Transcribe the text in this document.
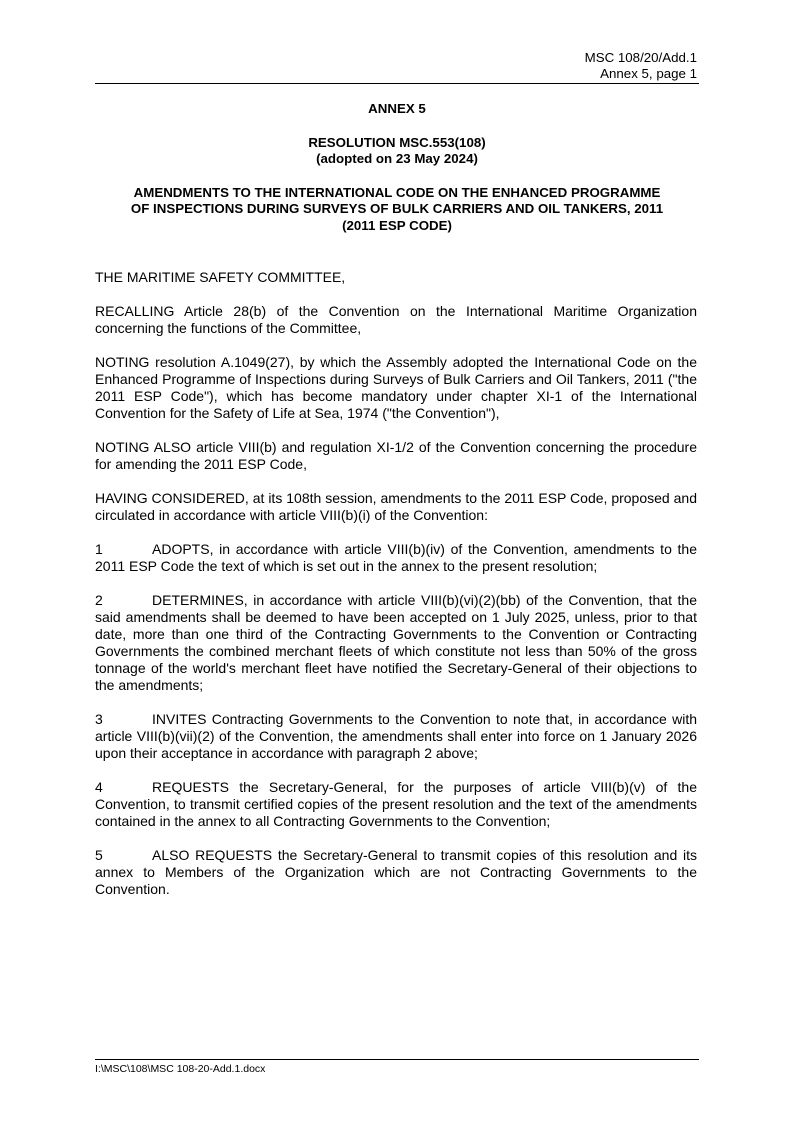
MSC 108/20/Add.1
Annex 5, page 1
ANNEX 5
RESOLUTION MSC.553(108)
(adopted on 23 May 2024)
AMENDMENTS TO THE INTERNATIONAL CODE ON THE ENHANCED PROGRAMME
OF INSPECTIONS DURING SURVEYS OF BULK CARRIERS AND OIL TANKERS, 2011
(2011 ESP CODE)

THE MARITIME SAFETY COMMITTEE,

RECALLING Article 28(b) of the Convention on the International Maritime Organization concerning the functions of the Committee,

NOTING resolution A.1049(27), by which the Assembly adopted the International Code on the Enhanced Programme of Inspections during Surveys of Bulk Carriers and Oil Tankers, 2011 ("the 2011 ESP Code"), which has become mandatory under chapter XI-1 of the International Convention for the Safety of Life at Sea, 1974 ("the Convention"),

NOTING ALSO article VIII(b) and regulation XI-1/2 of the Convention concerning the procedure for amending the 2011 ESP Code,

HAVING CONSIDERED, at its 108th session, amendments to the 2011 ESP Code, proposed and circulated in accordance with article VIII(b)(i) of the Convention:

1	ADOPTS, in accordance with article VIII(b)(iv) of the Convention, amendments to the 2011 ESP Code the text of which is set out in the annex to the present resolution;

2	DETERMINES, in accordance with article VIII(b)(vi)(2)(bb) of the Convention, that the said amendments shall be deemed to have been accepted on 1 July 2025, unless, prior to that date, more than one third of the Contracting Governments to the Convention or Contracting Governments the combined merchant fleets of which constitute not less than 50% of the gross tonnage of the world's merchant fleet have notified the Secretary-General of their objections to the amendments;

3	INVITES Contracting Governments to the Convention to note that, in accordance with article VIII(b)(vii)(2) of the Convention, the amendments shall enter into force on 1 January 2026 upon their acceptance in accordance with paragraph 2 above;

4	REQUESTS the Secretary-General, for the purposes of article VIII(b)(v) of the Convention, to transmit certified copies of the present resolution and the text of the amendments contained in the annex to all Contracting Governments to the Convention;

5	ALSO REQUESTS the Secretary-General to transmit copies of this resolution and its annex to Members of the Organization which are not Contracting Governments to the Convention.

I:\MSC\108\MSC 108-20-Add.1.docx
